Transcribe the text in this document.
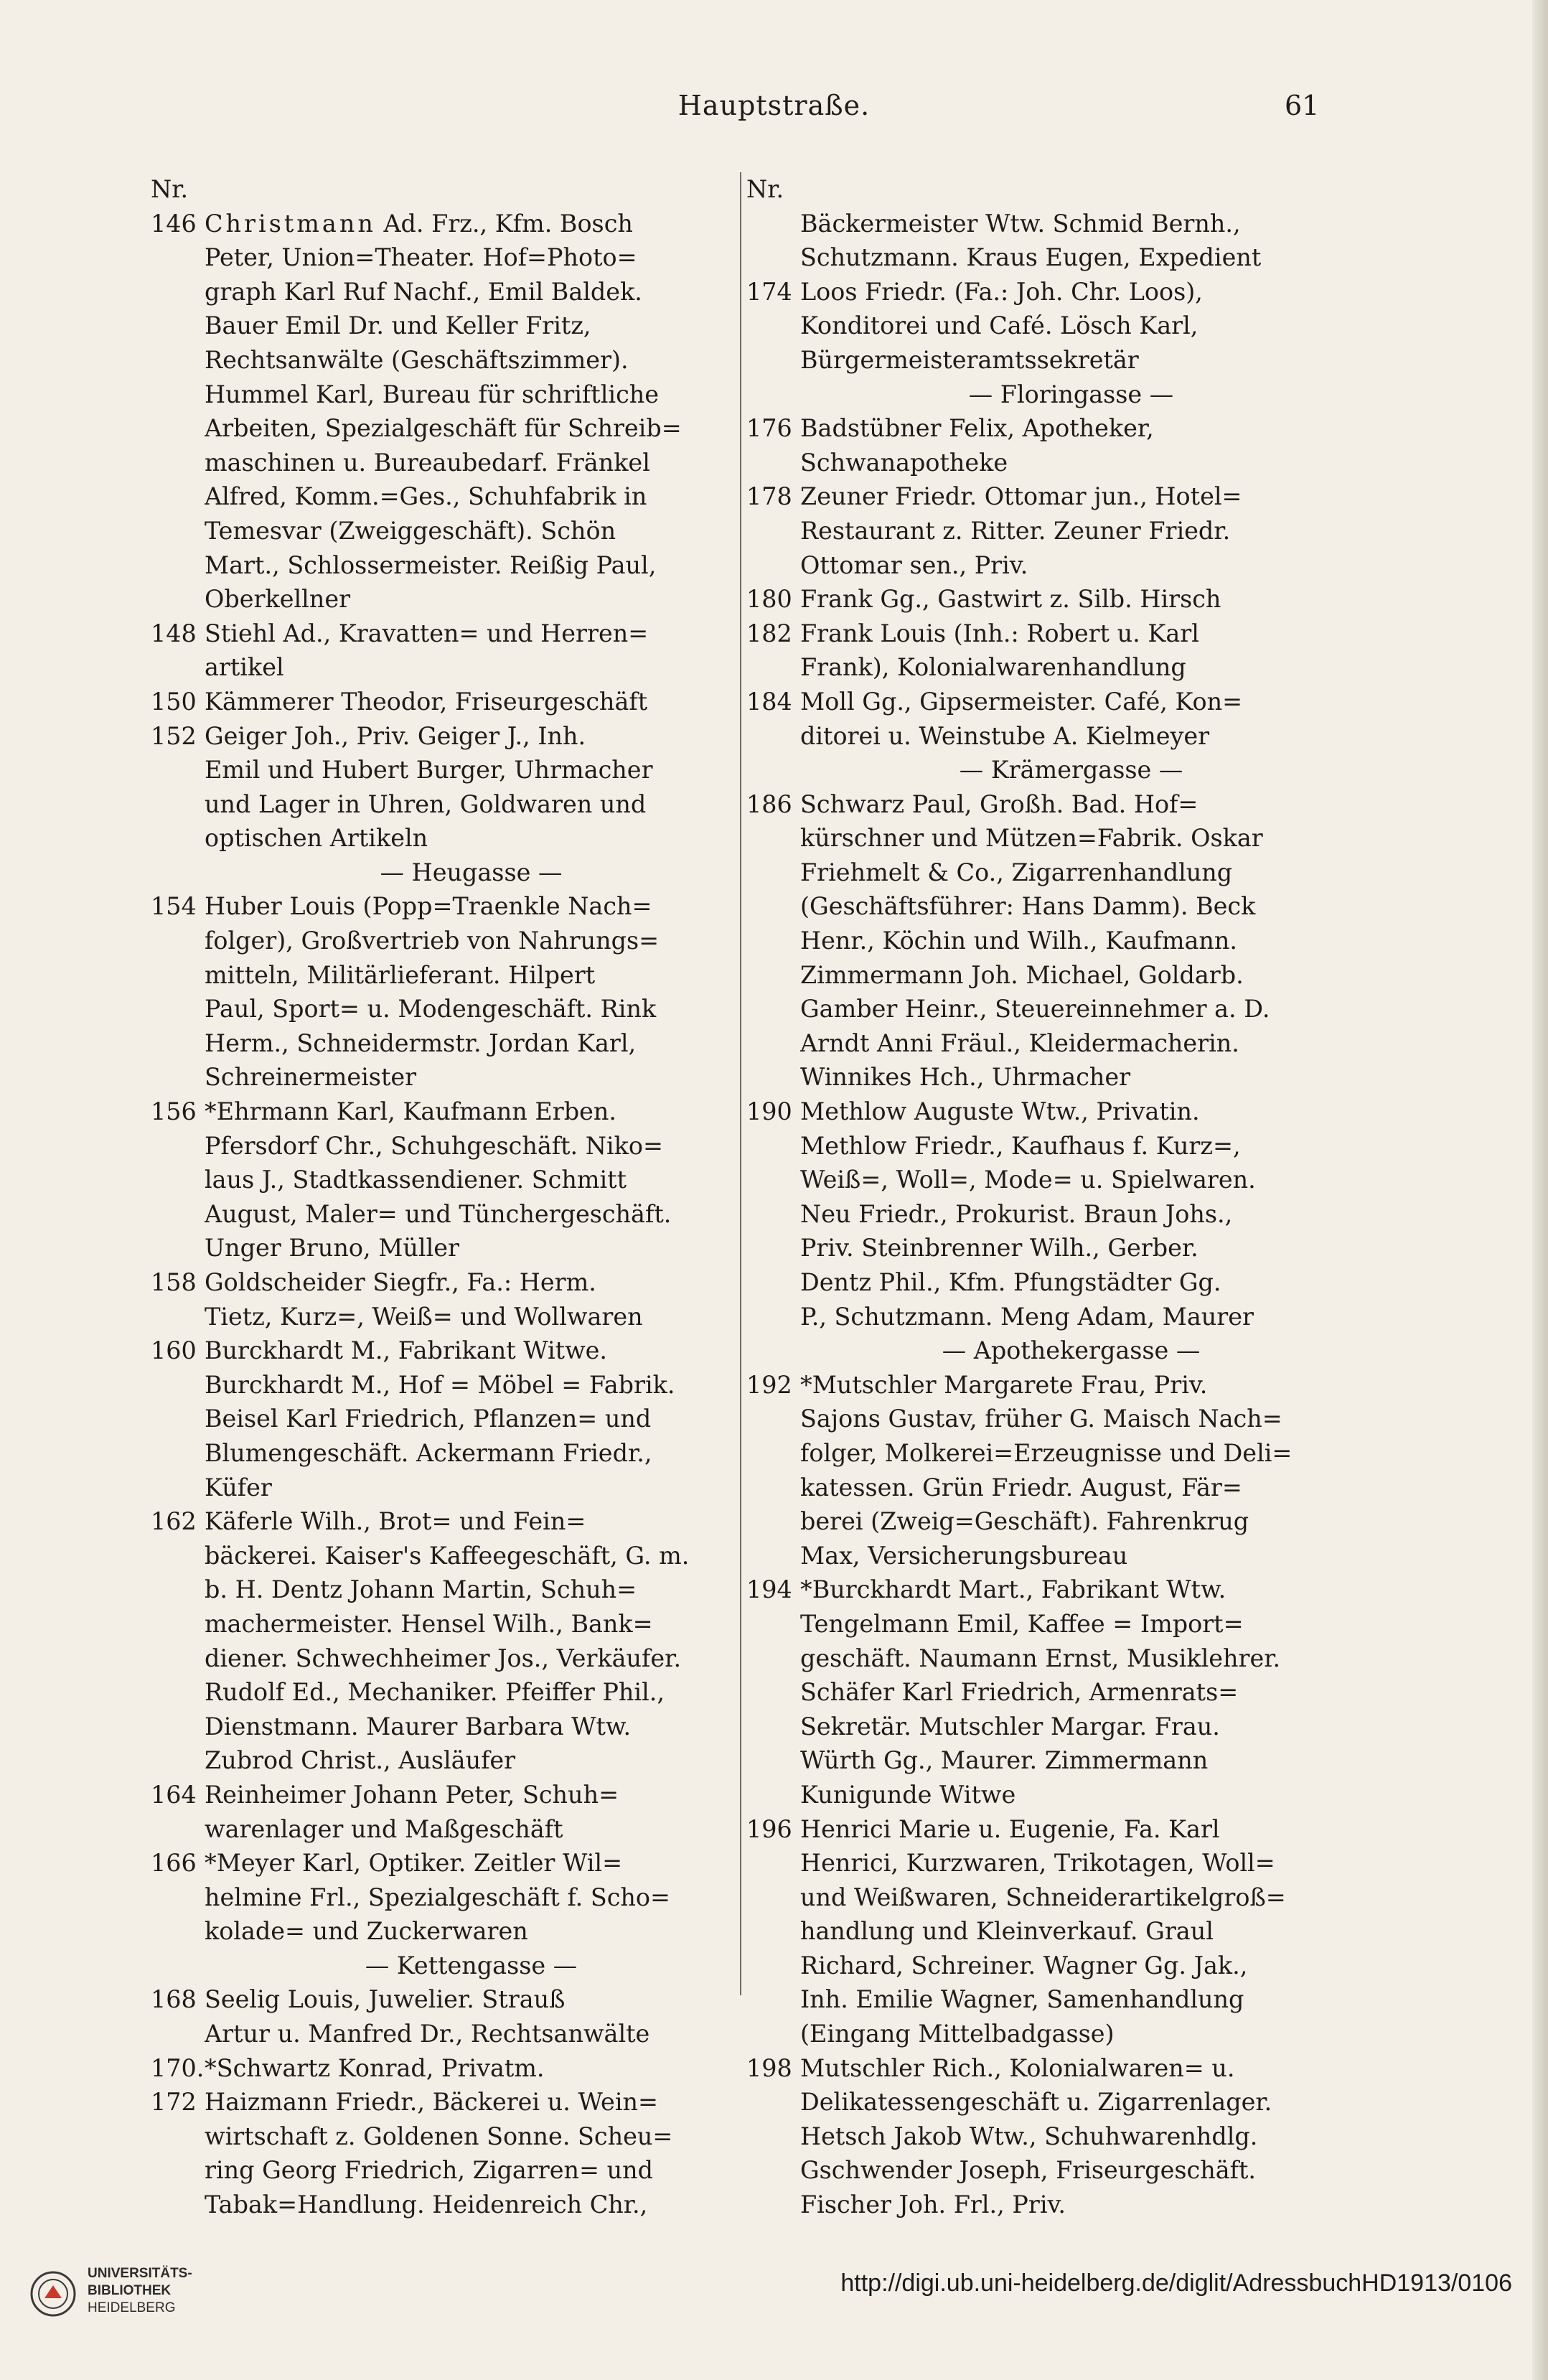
Hauptstraße.	61
Nr.
146 Christmann Ad. Frz., Kfm. Bosch
Peter, Union=Theater. Hof=Photo=
graph Karl Ruf Nachf., Emil Baldek.
Bauer Emil Dr. und Keller Fritz,
Rechtsanwälte (Geschäftszimmer).
Hummel Karl, Bureau für schriftliche
Arbeiten, Spezialgeschäft für Schreib=
maschinen u. Bureaubedarf. Fränkel
Alfred, Komm.=Ges., Schuhfabrik in
Temesvar (Zweiggeschäft). Schön
Mart., Schlossermeister. Reißig Paul,
Oberkellner
148 Stiehl Ad., Kravatten= und Herren=
artikel
150 Kämmerer Theodor, Friseurgeschäft
152 Geiger Joh., Priv. Geiger J., Inh.
Emil und Hubert Burger, Uhrmacher
und Lager in Uhren, Goldwaren und
optischen Artikeln
— Heugasse —
154 Huber Louis (Popp=Traenkle Nach=
folger), Großvertrieb von Nahrungs=
mitteln, Militärlieferant. Hilpert
Paul, Sport= u. Modengeschäft. Rink
Herm., Schneidermstr. Jordan Karl,
Schreinermeister
156 *Ehrmann Karl, Kaufmann Erben.
Pfersdorf Chr., Schuhgeschäft. Niko=
laus J., Stadtkassendiener. Schmitt
August, Maler= und Tünchergeschäft.
Unger Bruno, Müller
158 Goldscheider Siegfr., Fa.: Herm.
Tietz, Kurz=, Weiß= und Wollwaren
160 Burckhardt M., Fabrikant Witwe.
Burckhardt M., Hof = Möbel = Fabrik.
Beisel Karl Friedrich, Pflanzen= und
Blumengeschäft. Ackermann Friedr.,
Küfer
162 Käferle Wilh., Brot= und Fein=
bäckerei. Kaiser's Kaffeegeschäft, G. m.
b. H. Dentz Johann Martin, Schuh=
machermeister. Hensel Wilh., Bank=
diener. Schwechheimer Jos., Verkäufer.
Rudolf Ed., Mechaniker. Pfeiffer Phil.,
Dienstmann. Maurer Barbara Wtw.
Zubrod Christ., Ausläufer
164 Reinheimer Johann Peter, Schuh=
warenlager und Maßgeschäft
166 *Meyer Karl, Optiker. Zeitler Wil=
helmine Frl., Spezialgeschäft f. Scho=
kolade= und Zuckerwaren
— Kettengasse —
168 Seelig Louis, Juwelier. Strauß
Artur u. Manfred Dr., Rechtsanwälte
170. 172
*Schwartz Konrad, Privatm.
Haizmann Friedr., Bäckerei u. Wein=
wirtschaft z. Goldenen Sonne. Scheu=
ring Georg Friedrich, Zigarren= und
Tabak=Handlung. Heidenreich Chr.,
Nr.
Bäckermeister Wtw. Schmid Bernh.,
Schutzmann. Kraus Eugen, Expedient
174 Loos Friedr. (Fa.: Joh. Chr. Loos),
Konditorei und Café. Lösch Karl,
Bürgermeisteramtssekretär
— Floringasse —
176 Badstübner Felix, Apotheker,
Schwanapotheke
178 Zeuner Friedr. Ottomar jun., Hotel=
Restaurant z. Ritter. Zeuner Friedr.
Ottomar sen., Priv.
180 Frank Gg., Gastwirt z. Silb. Hirsch
182 Frank Louis (Inh.: Robert u. Karl
Frank), Kolonialwarenhandlung
184 Moll Gg., Gipsermeister. Café, Kon=
ditorei u. Weinstube A. Kielmeyer
— Krämergasse —
186 Schwarz Paul, Großh. Bad. Hof=
kürschner und Mützen=Fabrik. Oskar
Friehmelt & Co., Zigarrenhandlung
(Geschäftsführer: Hans Damm). Beck
Henr., Köchin und Wilh., Kaufmann.
Zimmermann Joh. Michael, Goldarb.
Gamber Heinr., Steuereinnehmer a. D.
Arndt Anni Fräul., Kleidermacherin.
Winnikes Hch., Uhrmacher
190 Methlow Auguste Wtw., Privatin.
Methlow Friedr., Kaufhaus f. Kurz=,
Weiß=, Woll=, Mode= u. Spielwaren.
Neu Friedr., Prokurist. Braun Johs.,
Priv. Steinbrenner Wilh., Gerber.
Dentz Phil., Kfm. Pfungstädter Gg.
P., Schutzmann. Meng Adam, Maurer
— Apothekergasse —
192 *Mutschler Margarete Frau, Priv.
Sajons Gustav, früher G. Maisch Nach=
folger, Molkerei=Erzeugnisse und Deli=
katessen. Grün Friedr. August, Fär=
berei (Zweig=Geschäft). Fahrenkrug
Max, Versicherungsbureau
194 *Burckhardt Mart., Fabrikant Wtw.
Tengelmann Emil, Kaffee = Import=
geschäft. Naumann Ernst, Musiklehrer.
Schäfer Karl Friedrich, Armenrats=
Sekretär. Mutschler Margar. Frau.
Würth Gg., Maurer. Zimmermann
Kunigunde Witwe
196 Henrici Marie u. Eugenie, Fa. Karl
Henrici, Kurzwaren, Trikotagen, Woll=
und Weißwaren, Schneiderartikelgroß=
handlung und Kleinverkauf. Graul
Richard, Schreiner. Wagner Gg. Jak.,
Inh. Emilie Wagner, Samenhandlung
(Eingang Mittelbadgasse)
198 Mutschler Rich., Kolonialwaren= u.
Delikatessengeschäft u. Zigarrenlager.
Hetsch Jakob Wtw., Schuhwarenhdlg.
Gschwender Joseph, Friseurgeschäft.
Fischer Joh. Frl., Priv.
UNIVERSITÄTS-
BIBLIOTHEK
HEIDELBERG
http://digi.ub.uni-heidelberg.de/diglit/AdressbuchHD1913/0106
